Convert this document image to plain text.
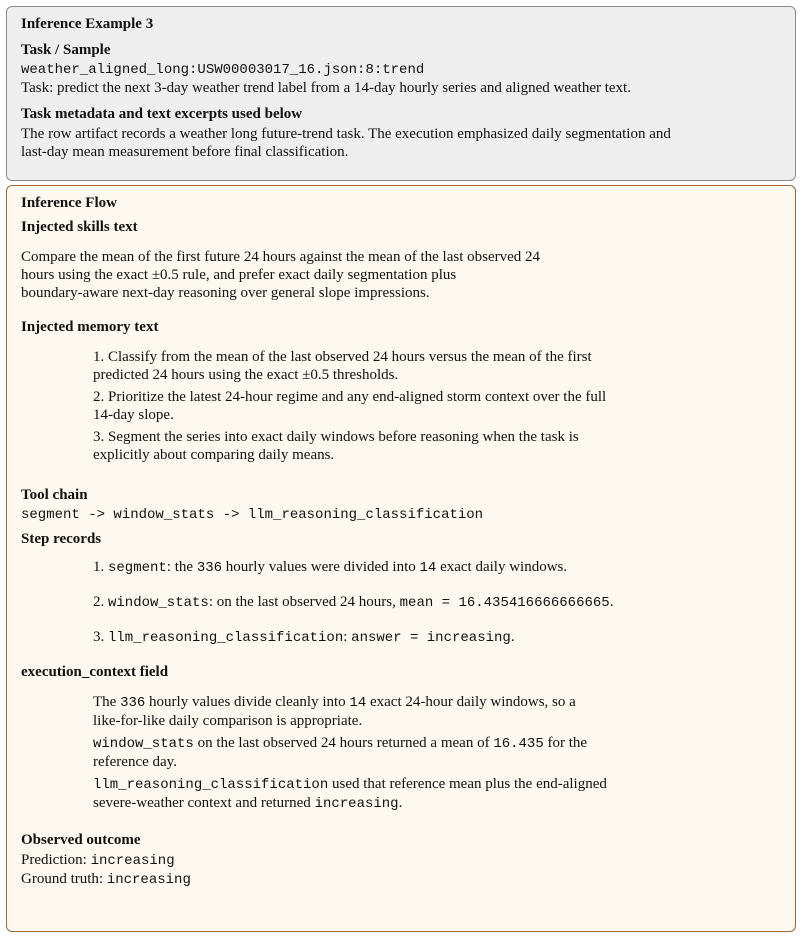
Inference Example 3
Task / Sample
weather_aligned_long:USW00003017_16.json:8:trend
Task: predict the next 3-day weather trend label from a 14-day hourly series and aligned weather text.
Task metadata and text excerpts used below
The row artifact records a weather long future-trend task. The execution emphasized daily segmentation and
last-day mean measurement before final classification.
Inference Flow
Injected skills text
Compare the mean of the first future 24 hours against the mean of the last observed 24
hours using the exact ±0.5 rule, and prefer exact daily segmentation plus
boundary-aware next-day reasoning over general slope impressions.
Injected memory text
1. Classify from the mean of the last observed 24 hours versus the mean of the first
predicted 24 hours using the exact ±0.5 thresholds.
2. Prioritize the latest 24-hour regime and any end-aligned storm context over the full
14-day slope.
3. Segment the series into exact daily windows before reasoning when the task is
explicitly about comparing daily means.
Tool chain
segment -> window_stats -> llm_reasoning_classification
Step records
1. segment: the 336 hourly values were divided into 14 exact daily windows.
2. window_stats: on the last observed 24 hours, mean = 16.435416666666665.
3. llm_reasoning_classification: answer = increasing.
execution_context field
The 336 hourly values divide cleanly into 14 exact 24-hour daily windows, so a
like-for-like daily comparison is appropriate.
window_stats on the last observed 24 hours returned a mean of 16.435 for the
reference day.
llm_reasoning_classification used that reference mean plus the end-aligned
severe-weather context and returned increasing.
Observed outcome
Prediction: increasing
Ground truth: increasing
